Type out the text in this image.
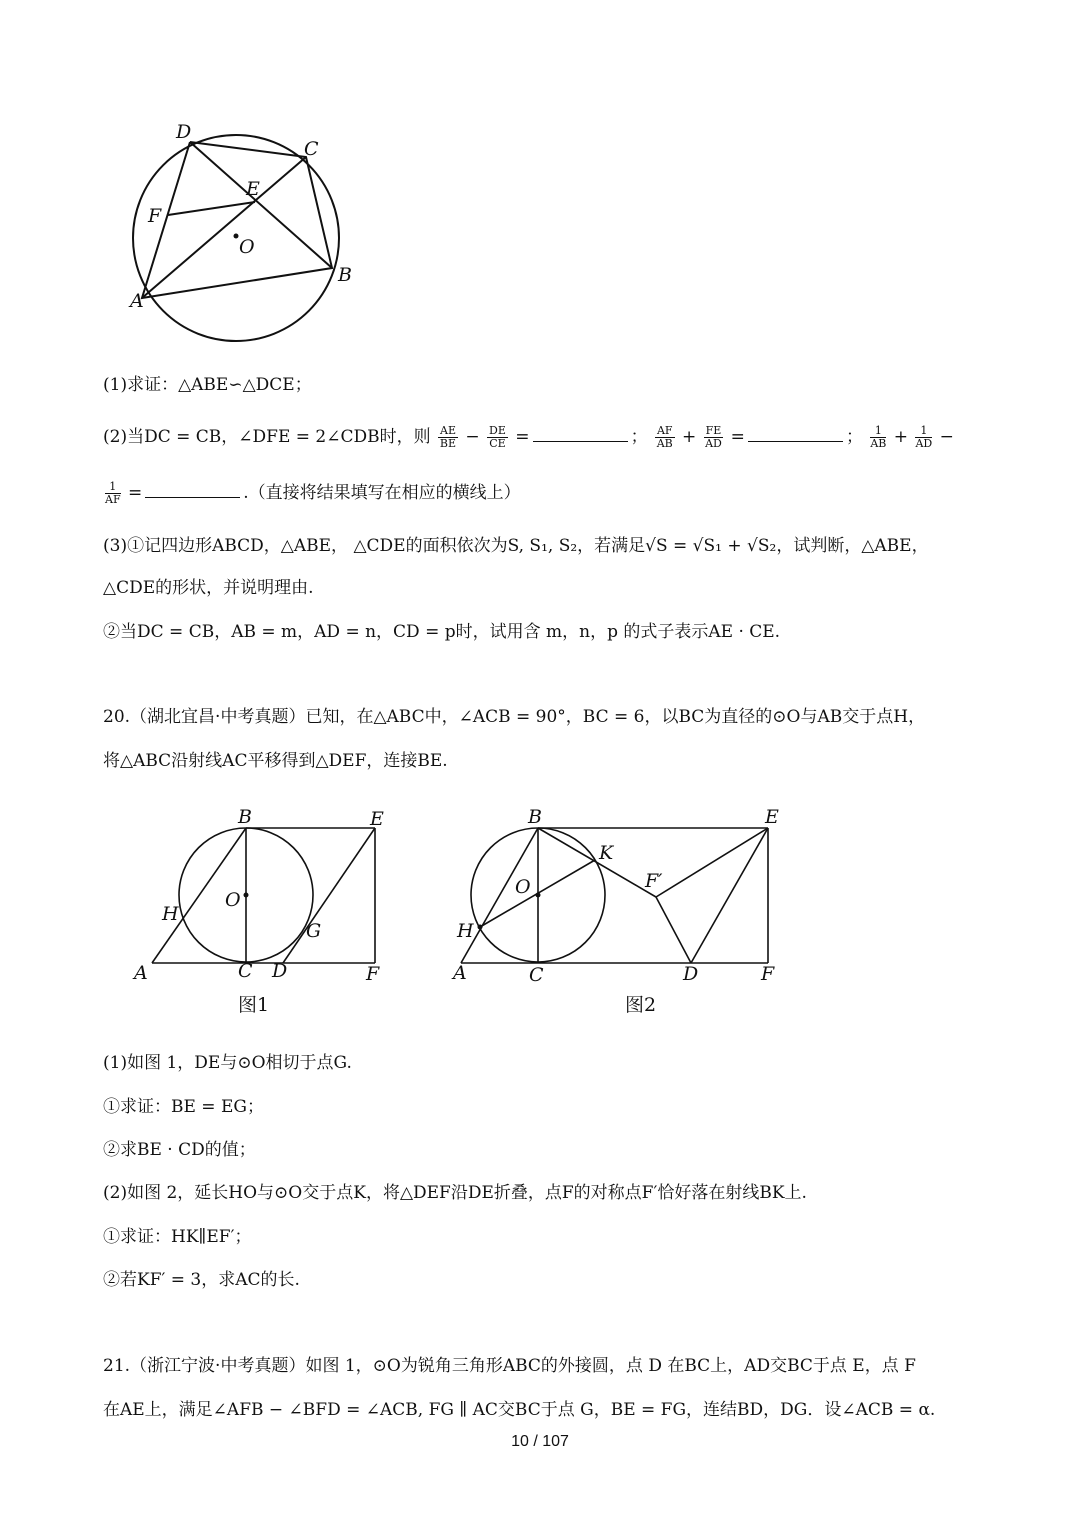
D
C
E
F
O
A
B
(1)求证：△ABE∽△DCE；
(2)当DC = CB，∠DFE = 2∠CDB时，则 $\frac{AE}{BE} - \frac{DE}{CE}$ =	； $\frac{AF}{AB} + \frac{FE}{AD}$ =	； $\frac{1}{AB} + \frac{1}{AD}$ −
$\frac{1}{AF}$ =	.（直接将结果填写在相应的横线上）
(3)①记四边形ABCD，△ABE， △CDE的面积依次为S, S₁, S₂，若满足√S = √S₁ + √S₂，试判断，△ABE，
△CDE的形状，并说明理由.
②当DC = CB，AB = m，AD = n，CD = p时，试用含 m，n，p 的式子表示AE · CE.
20.（湖北宜昌·中考真题）已知，在△ABC中，∠ACB = 90°，BC = 6，以BC为直径的⊙O与AB交于点H，
将△ABC沿射线AC平移得到△DEF，连接BE.
B	E
O
H
G
A	C D	F
图1
B	E
K
O	F′
H
A	C	D	F
图2
(1)如图 1，DE与⊙O相切于点G.
①求证：BE = EG；
②求BE · CD的值；
(2)如图 2，延长HO与⊙O交于点K，将△DEF沿DE折叠，点F的对称点F′恰好落在射线BK上.
①求证：HK∥EF′；
②若KF′ = 3，求AC的长.
21.（浙江宁波·中考真题）如图 1，⊙O为锐角三角形ABC的外接圆，点 D 在BC上，AD交BC于点 E，点 F
在AE上，满足∠AFB − ∠BFD = ∠ACB, FG ∥ AC交BC于点 G，BE = FG，连结BD，DG．设∠ACB = α.
10 / 107
